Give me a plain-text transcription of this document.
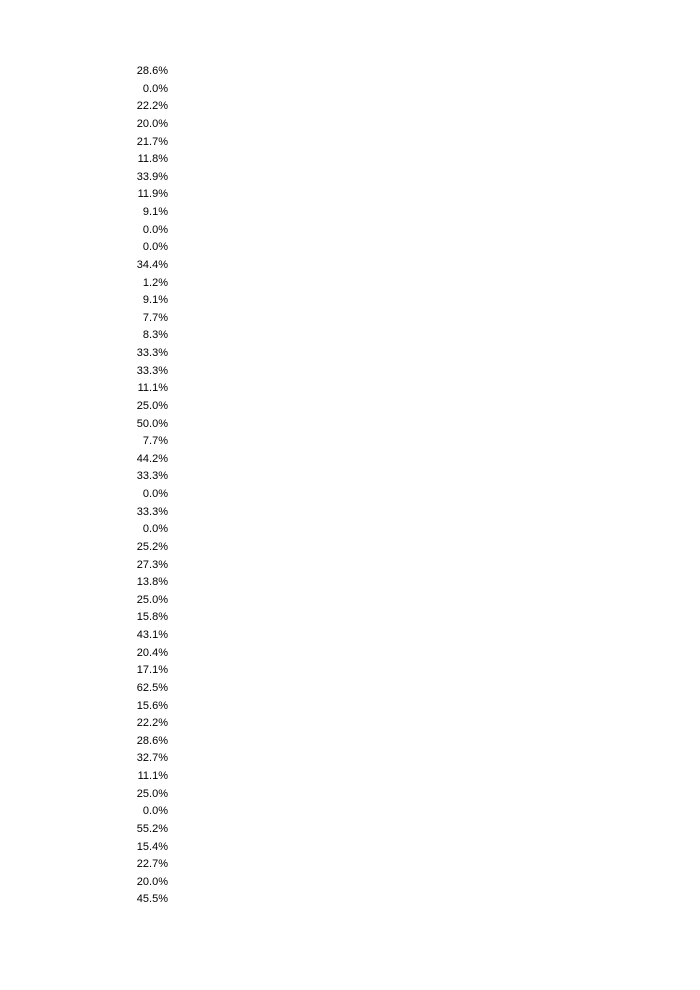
28.6%
0.0%
22.2%
20.0%
21.7%
11.8%
33.9%
11.9%
9.1%
0.0%
0.0%
34.4%
1.2%
9.1%
7.7%
8.3%
33.3%
33.3%
11.1%
25.0%
50.0%
7.7%
44.2%
33.3%
0.0%
33.3%
0.0%
25.2%
27.3%
13.8%
25.0%
15.8%
43.1%
20.4%
17.1%
62.5%
15.6%
22.2%
28.6%
32.7%
11.1%
25.0%
0.0%
55.2%
15.4%
22.7%
20.0%
45.5%
